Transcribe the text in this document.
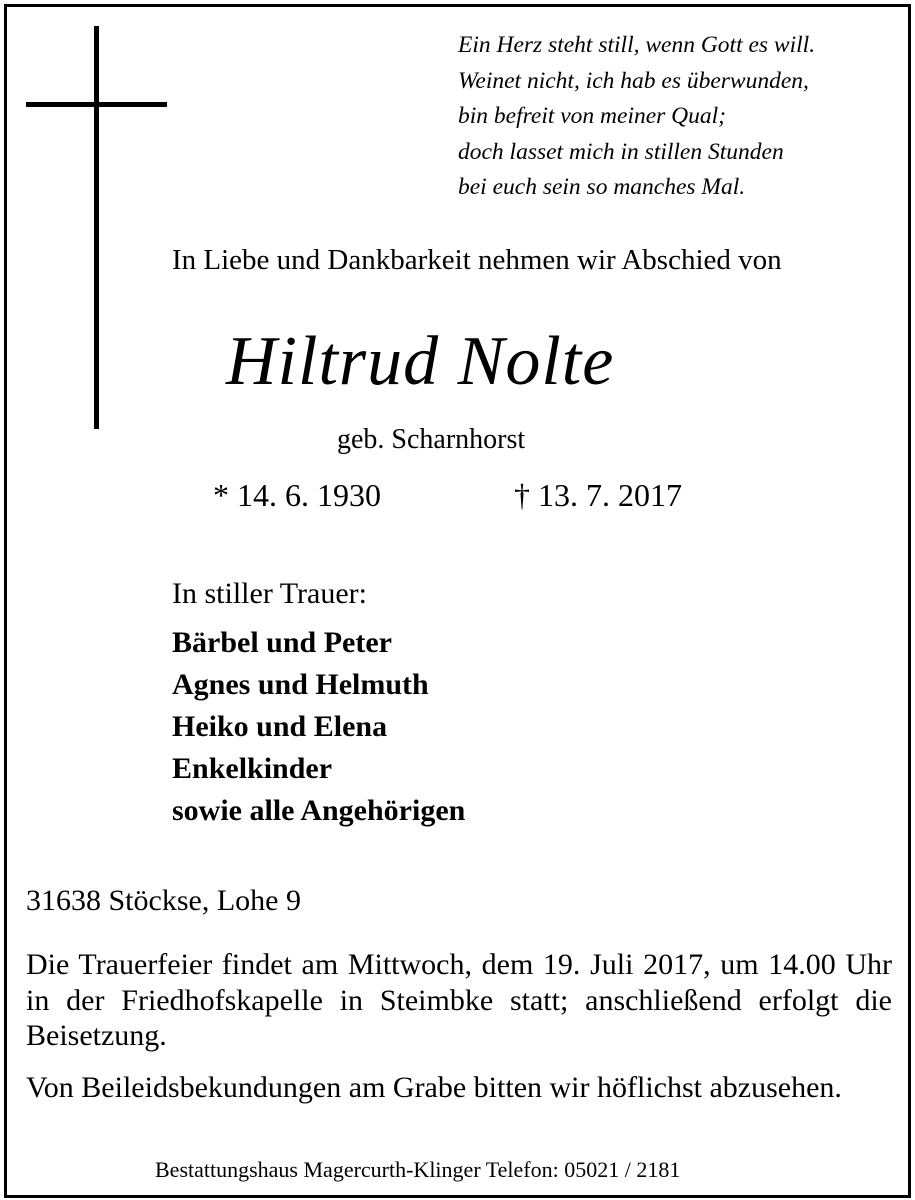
Ein Herz steht still, wenn Gott es will.
Weinet nicht, ich hab es überwunden,
bin befreit von meiner Qual;
doch lasset mich in stillen Stunden
bei euch sein so manches Mal.
In Liebe und Dankbarkeit nehmen wir Abschied von
Hiltrud Nolte
geb. Scharnhorst
* 14. 6. 1930	† 13. 7. 2017
In stiller Trauer:
Bärbel und Peter
Agnes und Helmuth
Heiko und Elena
Enkelkinder
sowie alle Angehörigen
31638 Stöckse, Lohe 9
Die Trauerfeier findet am Mittwoch, dem 19. Juli 2017, um 14.00 Uhr in der Friedhofskapelle in Steimbke statt; anschließend erfolgt die Beisetzung.
Von Beileidsbekundungen am Grabe bitten wir höflichst abzusehen.
Bestattungshaus Magercurth-Klinger Telefon: 05021 / 2181
